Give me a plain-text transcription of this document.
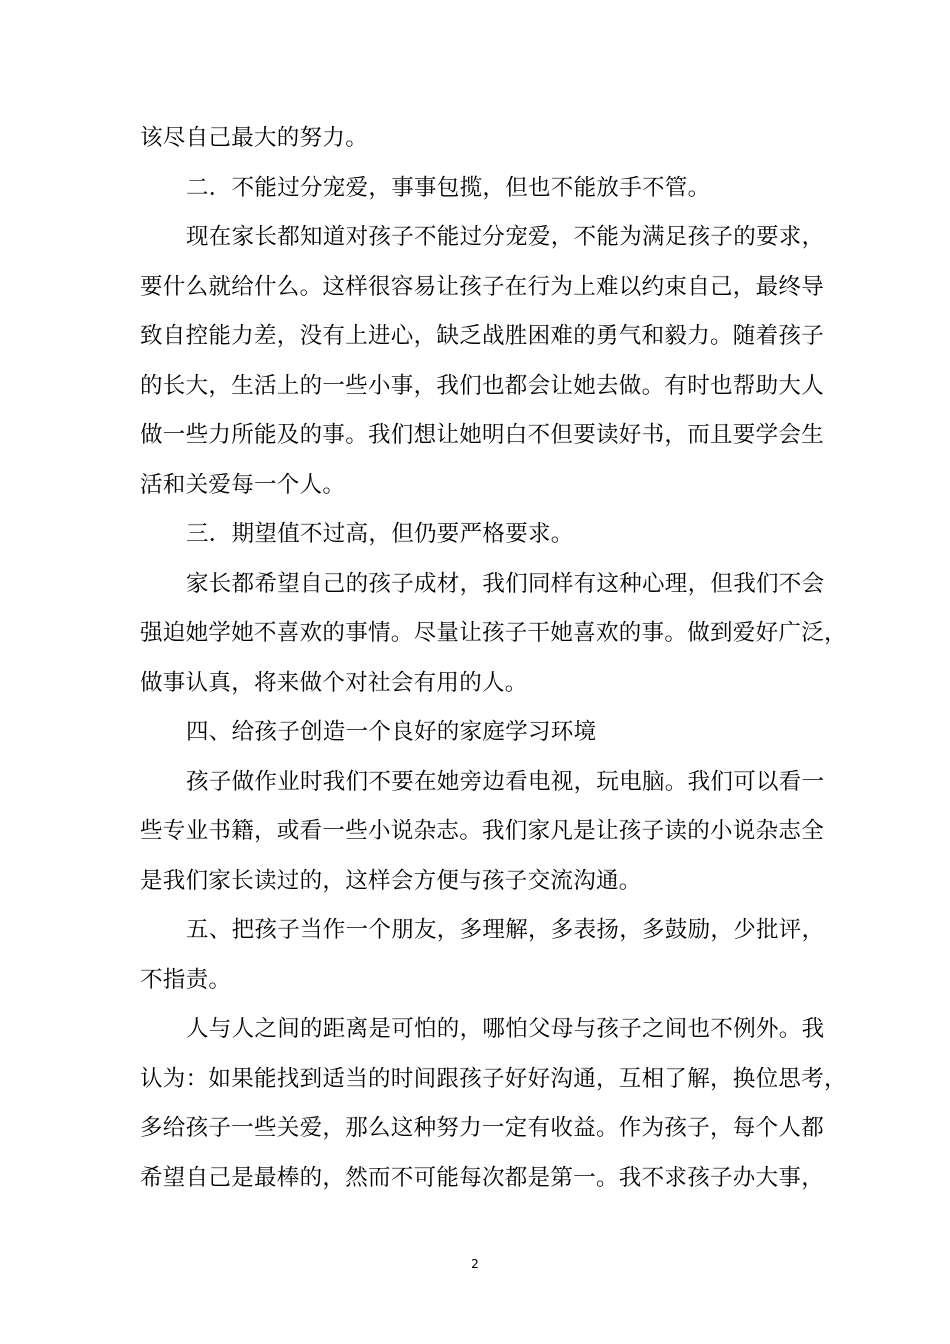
该尽自己最大的努力。
二．不能过分宠爱，事事包揽，但也不能放手不管。
现在家长都知道对孩子不能过分宠爱，不能为满足孩子的要求，
要什么就给什么。这样很容易让孩子在行为上难以约束自己，最终导
致自控能力差，没有上进心，缺乏战胜困难的勇气和毅力。随着孩子
的长大，生活上的一些小事，我们也都会让她去做。有时也帮助大人
做一些力所能及的事。我们想让她明白不但要读好书，而且要学会生
活和关爱每一个人。
三．期望值不过高，但仍要严格要求。
家长都希望自己的孩子成材，我们同样有这种心理，但我们不会
强迫她学她不喜欢的事情。尽量让孩子干她喜欢的事。做到爱好广泛，
做事认真，将来做个对社会有用的人。
四、给孩子创造一个良好的家庭学习环境
孩子做作业时我们不要在她旁边看电视，玩电脑。我们可以看一
些专业书籍，或看一些小说杂志。我们家凡是让孩子读的小说杂志全
是我们家长读过的，这样会方便与孩子交流沟通。
五、把孩子当作一个朋友，多理解，多表扬，多鼓励，少批评，
不指责。
人与人之间的距离是可怕的，哪怕父母与孩子之间也不例外。我
认为：如果能找到适当的时间跟孩子好好沟通，互相了解，换位思考，
多给孩子一些关爱，那么这种努力一定有收益。作为孩子，每个人都
希望自己是最棒的，然而不可能每次都是第一。我不求孩子办大事，
2
